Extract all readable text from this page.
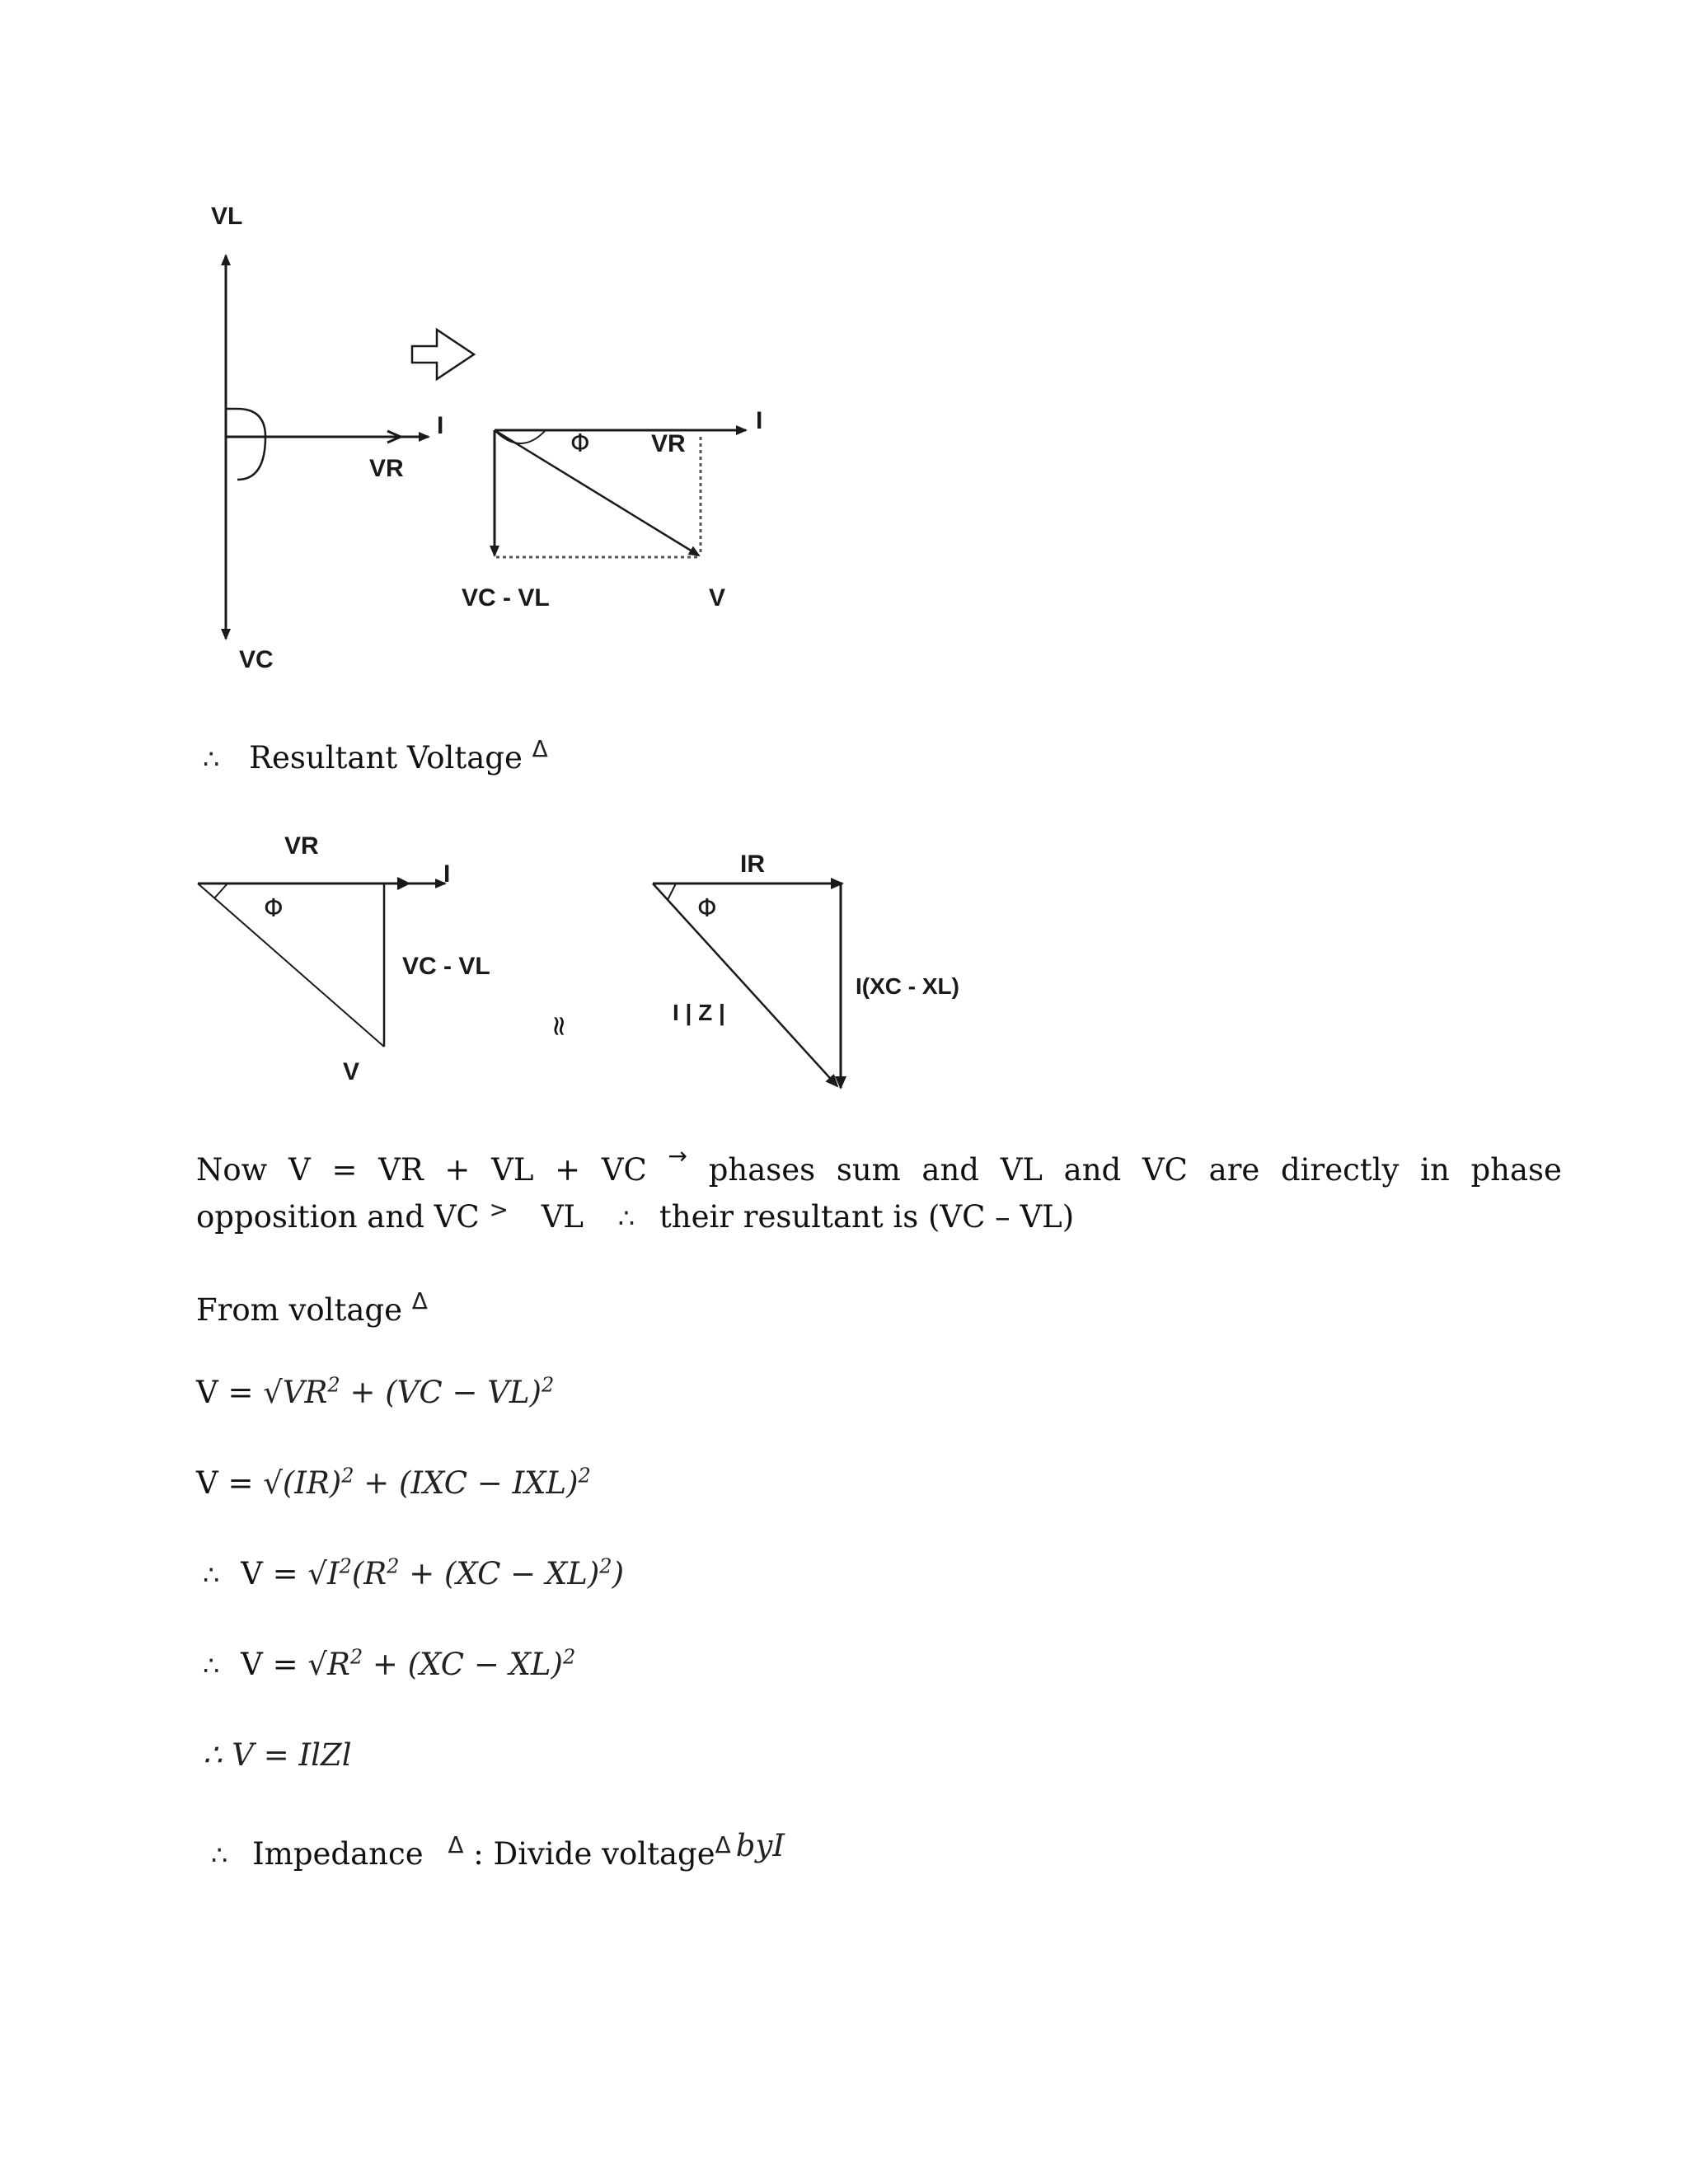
VL
VC
VR
I
Φ VR
I
VC - VL	V
∴ Resultant Voltage $^\Delta$
VR
I
Φ
VC - VL
V
≈
IR
Φ
I | Z |
I(XC - XL)
Now V = VR + VL + VC → phases sum and VL and VC are directly in phase
opposition and VC > VL ∴ their resultant is (VC – VL)
From voltage $^\Delta$
$V = √VR^2 + (VC - VL)^2$
V = √(IR)$^2$ + (IXC − IXL)$^2$
∴ $V = √I^2(R^2 + (XC - XL)^2)$
∴ $V = √R^2 + (XC - XL)^2$
∴ V = IlZl
∴ Impedance $^\Delta$ : Divide voltage$^\Delta$ byI
